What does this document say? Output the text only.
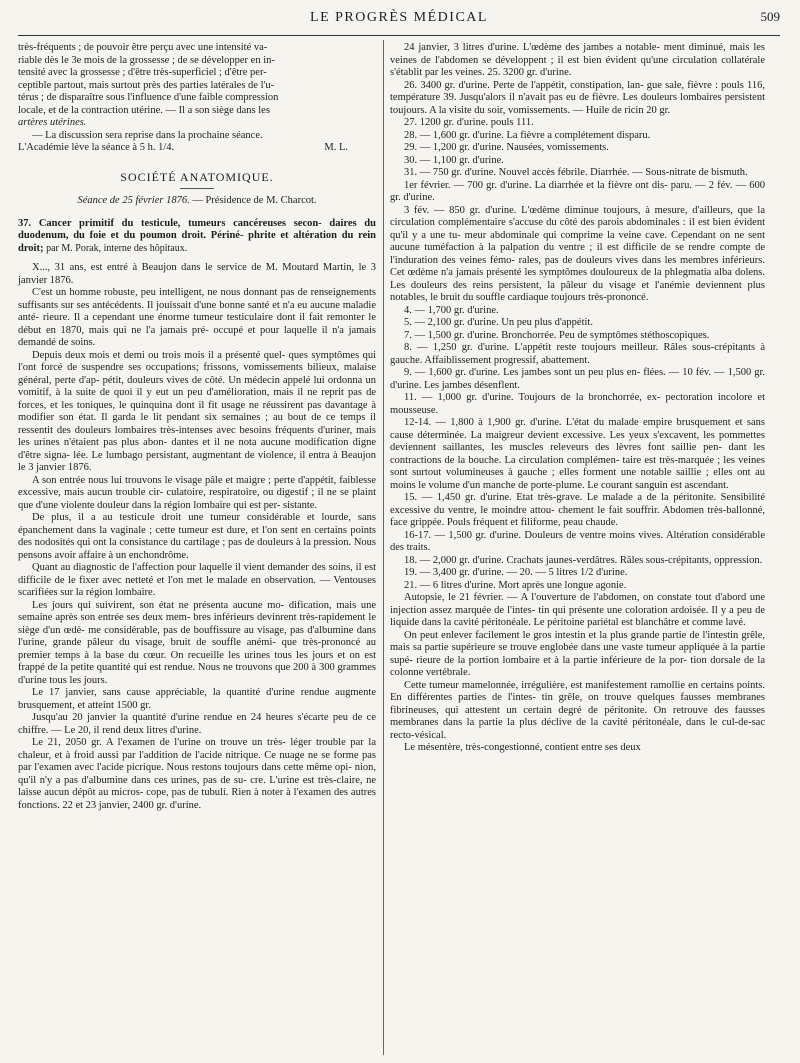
LE PROGRÈS MÉDICAL	509

très-fréquents ; de pouvoir être perçu avec une intensité va-

riable dès le 3e mois de la grossesse ; de se développer en in-

tensité avec la grossesse ; d'être très-superficiel ; d'être per-

ceptible partout, mais surtout près des parties latérales de l'u-

térus ; de disparaître sous l'influence d'une faible compression

locale, et de la contraction utérine. — Il a son siège dans les

artères utérines.

— La discussion sera reprise dans la prochaine séance.

L'Académie lève la séance à 5 h. 1/4.	M. L.

SOCIÉTÉ ANATOMIQUE.
Séance de 25 février 1876. — Présidence de M. Charcot.

37. Cancer primitif du testicule, tumeurs cancéreuses secon- daires du duodenum, du foie et du poumon droit. Périné- phrite et altération du rein droit; par M. Porak, interne des hôpitaux.

X..., 31 ans, est entré à Beaujon dans le service de M. Moutard Martin, le 3 janvier 1876.

C'est un homme robuste, peu intelligent, ne nous donnant pas de renseignements suffisants sur ses antécédents. Il jouissait d'une bonne santé et n'a eu aucune maladie anté- rieure. Il a cependant une énorme tumeur testiculaire dont il fait remonter le début en 1870, mais qui ne l'a jamais pré- occupé et pour laquelle il n'a jamais demandé de soins.

Depuis deux mois et demi ou trois mois il a présenté quel- ques symptômes qui l'ont forcé de suspendre ses occupations; frissons, vomissements bilieux, malaise général, perte d'ap- pétit, douleurs vives de côté. Un médecin appelé lui ordonna un vomitif, à la suite de quoi il y eut un peu d'amélioration, mais il ne reprit pas de forces, et les toniques, le quinquina dont il fit usage ne réussirent pas davantage à modifier son état. Il garda le lit pendant six semaines ; au bout de ce temps il ressentit des douleurs lombaires très-intenses avec besoins fréquents d'uriner, mais les urines n'étaient pas plus abon- dantes et il ne nota aucune modification digne d'être signa- lée. Le lumbago persistant, augmentant de violence, il entra à Beaujon le 3 janvier 1876.

A son entrée nous lui trouvons le visage pâle et maigre ; perte d'appétit, faiblesse excessive, mais aucun trouble cir- culatoire, respiratoire, ou digestif ; il ne se plaint que d'une violente douleur dans la région lombaire qui est per- sistante.

De plus, il a au testicule droit une tumeur considérable et lourde, sans épanchement dans la vaginale ; cette tumeur est dure, et l'on sent en certains points des nodosités qui ont la consistance du cartilage ; pas de douleurs à la pression. Nous pensons avoir affaire à un enchondrôme.

Quant au diagnostic de l'affection pour laquelle il vient demander des soins, il est difficile de le fixer avec netteté et l'on met le malade en observation. — Ventouses scarifiées sur la région lombaire.

Les jours qui suivirent, son état ne présenta aucune mo- dification, mais une semaine après son entrée ses deux mem- bres inférieurs devinrent très-rapidement le siège d'un œdè- me considérable, pas de bouffissure au visage, pas d'albumine dans l'urine, grande pâleur du visage, bruit de souffle anémi- que très-prononcé au premier temps à la base du cœur. On recueille les urines tous les jours et on est frappé de la petite quantité qui est rendue. Nous ne trouvons que 200 à 300 grammes d'urine tous les jours.

Le 17 janvier, sans cause appréciable, la quantité d'urine rendue augmente brusquement, et atteint 1500 gr.

Jusqu'au 20 janvier la quantité d'urine rendue en 24 heures s'écarte peu de ce chiffre. — Le 20, il rend deux litres d'urine.

Le 21, 2050 gr. A l'examen de l'urine on trouve un très- léger trouble par la chaleur, et à froid aussi par l'addition de l'acide nitrique. Ce nuage ne se forme pas par l'examen avec l'acide picrique. Nous restons toujours dans cette même opi- nion, qu'il n'y a pas d'albumine dans ces urines, pas de su- cre. L'urine est très-claire, ne laisse aucun dépôt au micros- cope, pas de tubuli. Rien à noter à l'examen des autres fonctions. 22 et 23 janvier, 2400 gr. d'urine.

24 janvier, 3 litres d'urine. L'œdème des jambes a notable- ment diminué, mais les veines de l'abdomen se développent ; il est bien évident qu'une circulation collatérale s'établit par les veines. 25. 3200 gr. d'urine.

26. 3400 gr. d'urine. Perte de l'appétit, constipation, lan- gue sale, fièvre : pouls 116, température 39. Jusqu'alors il n'avait pas eu de fièvre. Les douleurs lombaires persistent toujours. A la visite du soir, vomissements. — Huile de ricin 20 gr.

27. 1200 gr. d'urine. pouls 111.

28. — 1,600 gr. d'urine. La fièvre a complétement disparu.

29. — 1,200 gr. d'urine. Nausées, vomissements.

30. — 1,100 gr. d'urine.

31. — 750 gr. d'urine. Nouvel accès fébrile. Diarrhée. — Sous-nitrate de bismuth.

1er février. — 700 gr. d'urine. La diarrhée et la fièvre ont dis- paru. — 2 fév. — 600 gr. d'urine.

3 fév. — 850 gr. d'urine. L'œdème diminue toujours, à mesure, d'ailleurs, que la circulation complémentaire s'accuse du côté des parois abdominales : il est bien évident qu'il y a une tu- meur abdominale qui comprime la veine cave. Cependant on ne sent aucune tuméfaction à la palpation du ventre ; il est difficile de se rendre compte de l'induration des veines fémo- rales, pas de douleurs vives dans les membres inférieurs. Cet œdème n'a jamais présenté les symptômes douloureux de la phlegmatia alba dolens. Les douleurs des reins persistent, la pâleur du visage et l'anémie deviennent plus notables, le bruit du souffle cardiaque toujours très-prononcé.

4. — 1,700 gr. d'urine.

5. — 2,100 gr. d'urine. Un peu plus d'appétit.

7. — 1,500 gr. d'urine. Bronchorrée. Peu de symptômes stéthoscopiques.

8. — 1,250 gr. d'urine. L'appétit reste toujours meilleur. Râles sous-crépitants à gauche. Affaiblissement progressif, abattement.

9. — 1,600 gr. d'urine. Les jambes sont un peu plus en- flées. — 10 fév. — 1,500 gr. d'urine. Les jambes désenflent.

11. — 1,000 gr. d'urine. Toujours de la bronchorrée, ex- pectoration incolore et mousseuse.

12-14. — 1,800 à 1,900 gr. d'urine. L'état du malade empire brusquement et sans cause déterminée. La maigreur devient excessive. Les yeux s'excavent, les pommettes deviennent saillantes, les muscles releveurs des lèvres font saillie pen- dant les contractions de la bouche. La circulation complémen- taire est très-marquée ; les veines sont surtout volumineuses à gauche ; elles forment une notable saillie ; elles ont au moins le volume d'un manche de porte-plume. Le courant sanguin est ascendant.

15. — 1,450 gr. d'urine. Etat très-grave. Le malade a de la péritonite. Sensibilité excessive du ventre, le moindre attou- chement le fait souffrir. Abdomen très-ballonné, face grippée. Pouls fréquent et filiforme, peau chaude.

16-17. — 1,500 gr. d'urine. Douleurs de ventre moins vives. Altération considérable des traits.

18. — 2,000 gr. d'urine. Crachats jaunes-verdâtres. Râles sous-crépitants, oppression.

19. — 3,400 gr. d'urine. — 20. — 5 litres 1/2 d'urine.

21. — 6 litres d'urine. Mort après une longue agonie.

Autopsie, le 21 février. — A l'ouverture de l'abdomen, on constate tout d'abord une injection assez marquée de l'intes- tin qui présente une coloration ardoisée. Il y a peu de liquide dans la cavité péritonéale. Le péritoine pariétal est blanchâtre et comme lavé.

On peut enlever facilement le gros intestin et la plus grande partie de l'intestin grêle, mais sa partie supérieure se trouve englobée dans une vaste tumeur appliquée à la partie supé- rieure de la portion lombaire et à la partie inférieure de la por- tion dorsale de la colonne vertébrale.

Cette tumeur mamelonnée, irrégulière, est manifestement ramollie en certains points. En différentes parties de l'intes- tin grêle, on trouve quelques fausses membranes fibrineuses, qui attestent un certain degré de péritonite. On retrouve des fausses membranes dans la partie la plus déclive de la cavité péritonéale, dans le cul-de-sac recto-vésical.

Le mésentère, très-congestionné, contient entre ses deux
